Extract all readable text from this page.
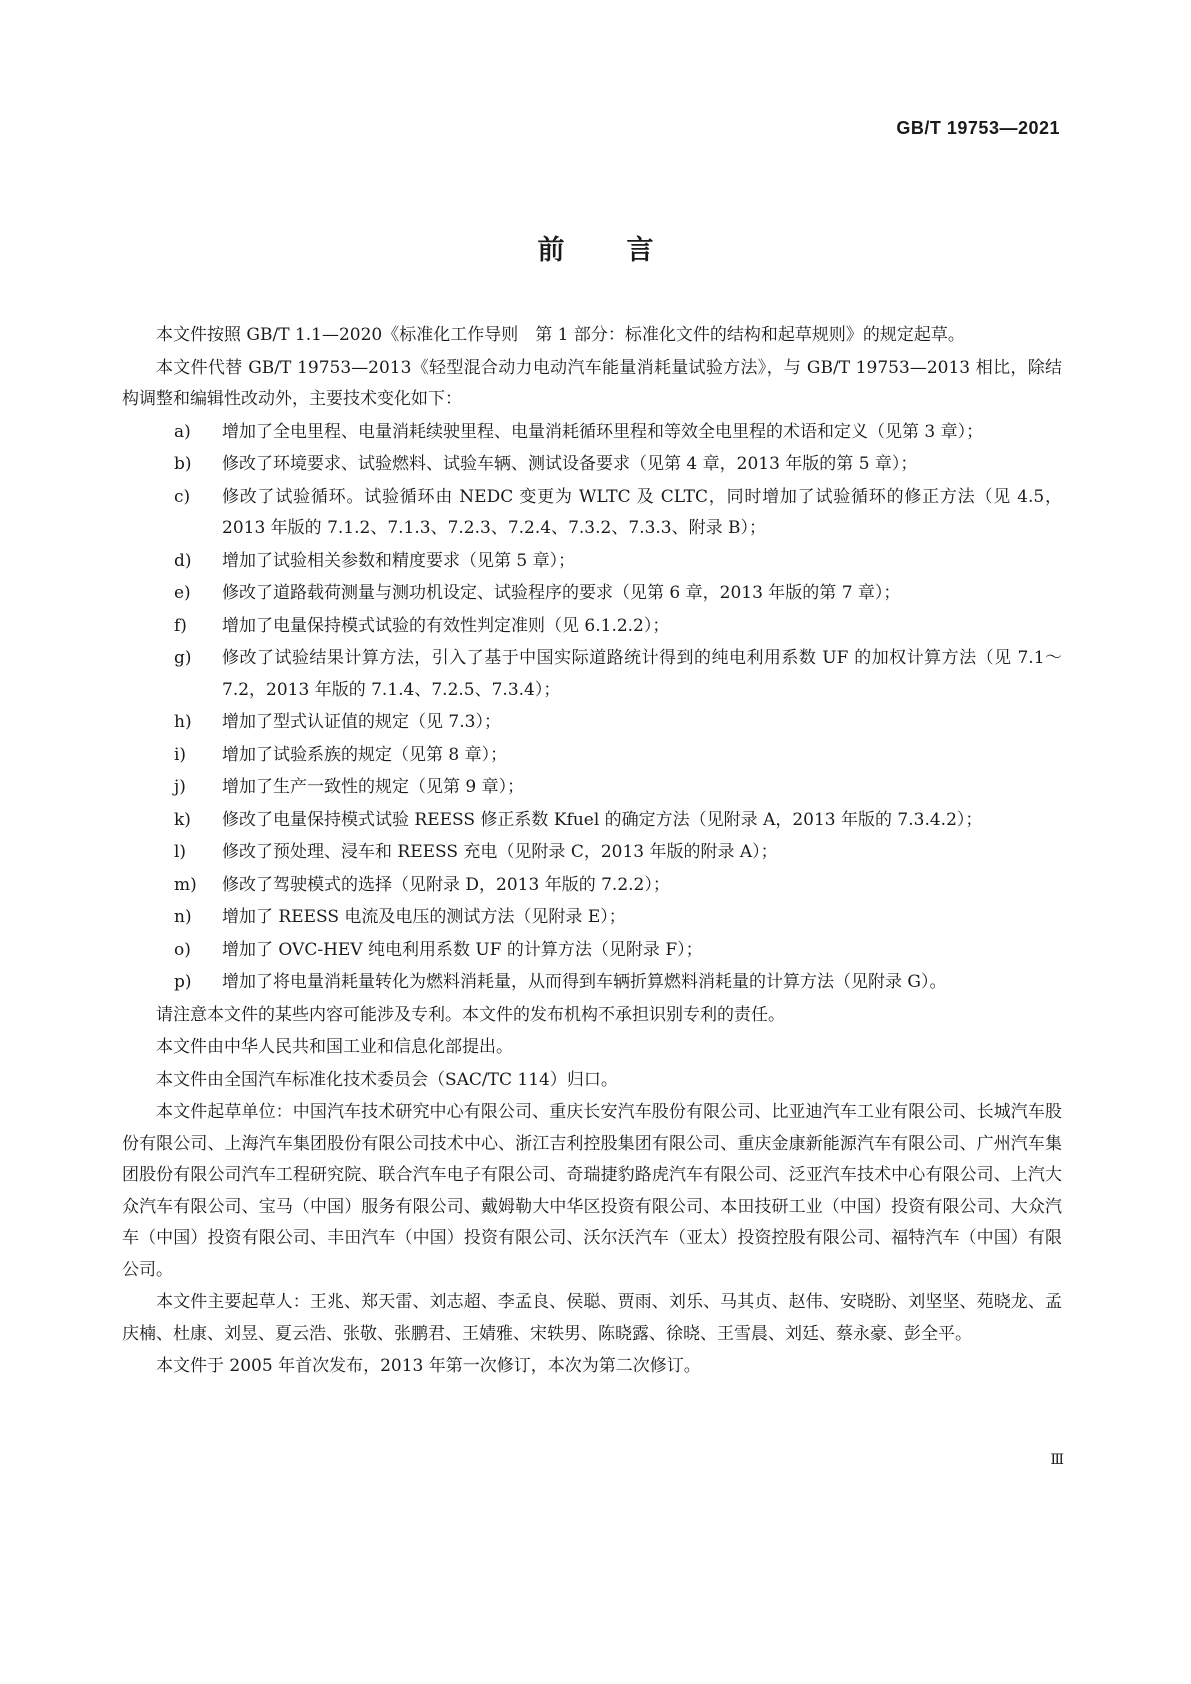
GB/T 19753—2021
前 言

本文件按照 GB/T 1.1—2020《标准化工作导则　第 1 部分：标准化文件的结构和起草规则》的规定起草。

本文件代替 GB/T 19753—2013《轻型混合动力电动汽车能量消耗量试验方法》，与 GB/T 19753—2013 相比，除结构调整和编辑性改动外，主要技术变化如下：

a)	增加了全电里程、电量消耗续驶里程、电量消耗循环里程和等效全电里程的术语和定义（见第 3 章）；
b)	修改了环境要求、试验燃料、试验车辆、测试设备要求（见第 4 章，2013 年版的第 5 章）；
c)	修改了试验循环。试验循环由 NEDC 变更为 WLTC 及 CLTC，同时增加了试验循环的修正方法（见 4.5，2013 年版的 7.1.2、7.1.3、7.2.3、7.2.4、7.3.2、7.3.3、附录 B）；
d)	增加了试验相关参数和精度要求（见第 5 章）；
e)	修改了道路载荷测量与测功机设定、试验程序的要求（见第 6 章，2013 年版的第 7 章）；
f)	增加了电量保持模式试验的有效性判定准则（见 6.1.2.2）；
g)	修改了试验结果计算方法，引入了基于中国实际道路统计得到的纯电利用系数 UF 的加权计算方法（见 7.1～7.2，2013 年版的 7.1.4、7.2.5、7.3.4）；
h)	增加了型式认证值的规定（见 7.3）；
i)	增加了试验系族的规定（见第 8 章）；
j)	增加了生产一致性的规定（见第 9 章）；
k)	修改了电量保持模式试验 REESS 修正系数 Kfuel 的确定方法（见附录 A，2013 年版的 7.3.4.2）；
l)	修改了预处理、浸车和 REESS 充电（见附录 C，2013 年版的附录 A）；
m)	修改了驾驶模式的选择（见附录 D，2013 年版的 7.2.2）；
n)	增加了 REESS 电流及电压的测试方法（见附录 E）；
o)	增加了 OVC-HEV 纯电利用系数 UF 的计算方法（见附录 F）；
p)	增加了将电量消耗量转化为燃料消耗量，从而得到车辆折算燃料消耗量的计算方法（见附录 G）。

请注意本文件的某些内容可能涉及专利。本文件的发布机构不承担识别专利的责任。

本文件由中华人民共和国工业和信息化部提出。

本文件由全国汽车标准化技术委员会（SAC/TC 114）归口。

本文件起草单位：中国汽车技术研究中心有限公司、重庆长安汽车股份有限公司、比亚迪汽车工业有限公司、长城汽车股份有限公司、上海汽车集团股份有限公司技术中心、浙江吉利控股集团有限公司、重庆金康新能源汽车有限公司、广州汽车集团股份有限公司汽车工程研究院、联合汽车电子有限公司、奇瑞捷豹路虎汽车有限公司、泛亚汽车技术中心有限公司、上汽大众汽车有限公司、宝马（中国）服务有限公司、戴姆勒大中华区投资有限公司、本田技研工业（中国）投资有限公司、大众汽车（中国）投资有限公司、丰田汽车（中国）投资有限公司、沃尔沃汽车（亚太）投资控股有限公司、福特汽车（中国）有限公司。

本文件主要起草人：王兆、郑天雷、刘志超、李孟良、侯聪、贾雨、刘乐、马其贞、赵伟、安晓盼、刘坚坚、苑晓龙、孟庆楠、杜康、刘昱、夏云浩、张敬、张鹏君、王婧雅、宋轶男、陈晓露、徐晓、王雪晨、刘廷、蔡永豪、彭全平。

本文件于 2005 年首次发布，2013 年第一次修订，本次为第二次修订。

Ⅲ
